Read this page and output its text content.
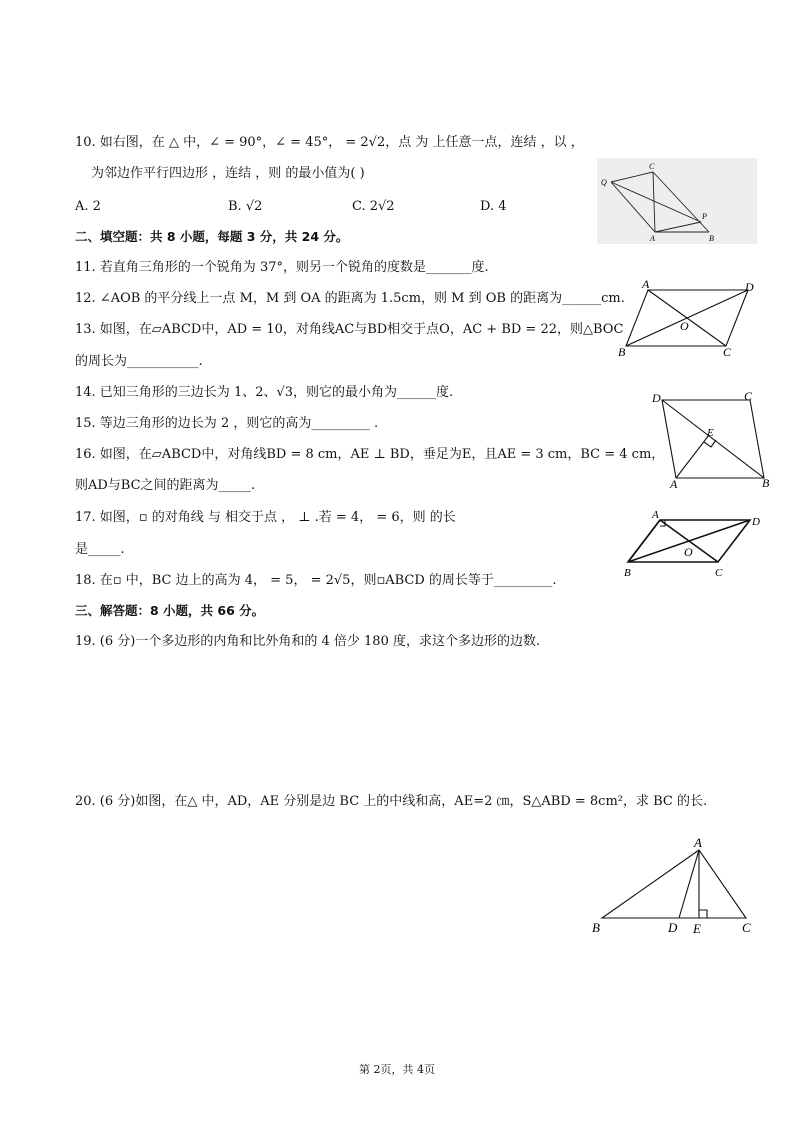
10. 如右图，在 △ 中，∠ = 90°，∠ = 45°， = 2√2，点 为 上任意一点，连结 ，以 ，
为邻边作平行四边形 ，连结 ，则 的最小值为( )
A. 2	B. √2	C. 2√2	D. 4
C
Q
P
A	B
二、填空题：共 8 小题，每题 3 分，共 24 分。
11. 若直角三角形的一个锐角为 37°，则另一个锐角的度数是_______度.
12. ∠AOB 的平分线上一点 M，M 到 OA 的距离为 1.5cm，则 M 到 OB 的距离为______cm.
13. 如图，在▱ABCD中，AD = 10，对角线AC与BD相交于点O，AC + BD = 22，则△BOC
的周长为___________.
A	D
O
B	C
14. 已知三角形的三边长为 1、2、√3，则它的最小角为______度.
15. 等边三角形的边长为 2 ，则它的高为_________ .
16. 如图，在▱ABCD中，对角线BD = 8 cm，AE ⊥ BD，垂足为E，且AE = 3 cm，BC = 4 cm，
则AD与BC之间的距离为_____.
D	C
E
A	B
17. 如图，▫ 的对角线 与 相交于点 ， ⊥ .若 = 4， = 6，则 的长
是_____.
A
D
O
B	C
18. 在▫ 中，BC 边上的高为 4， = 5， = 2√5，则▫ABCD 的周长等于_________.
三、解答题：8 小题，共 66 分。
19. (6 分)一个多边形的内角和比外角和的 4 倍少 180 度，求这个多边形的边数.
20. (6 分)如图，在△ 中，AD，AE 分别是边 BC 上的中线和高，AE=2 ㎝，S△ABD = 8cm²，求 BC 的长.
A
B	D E	C
第 2页，共 4页
